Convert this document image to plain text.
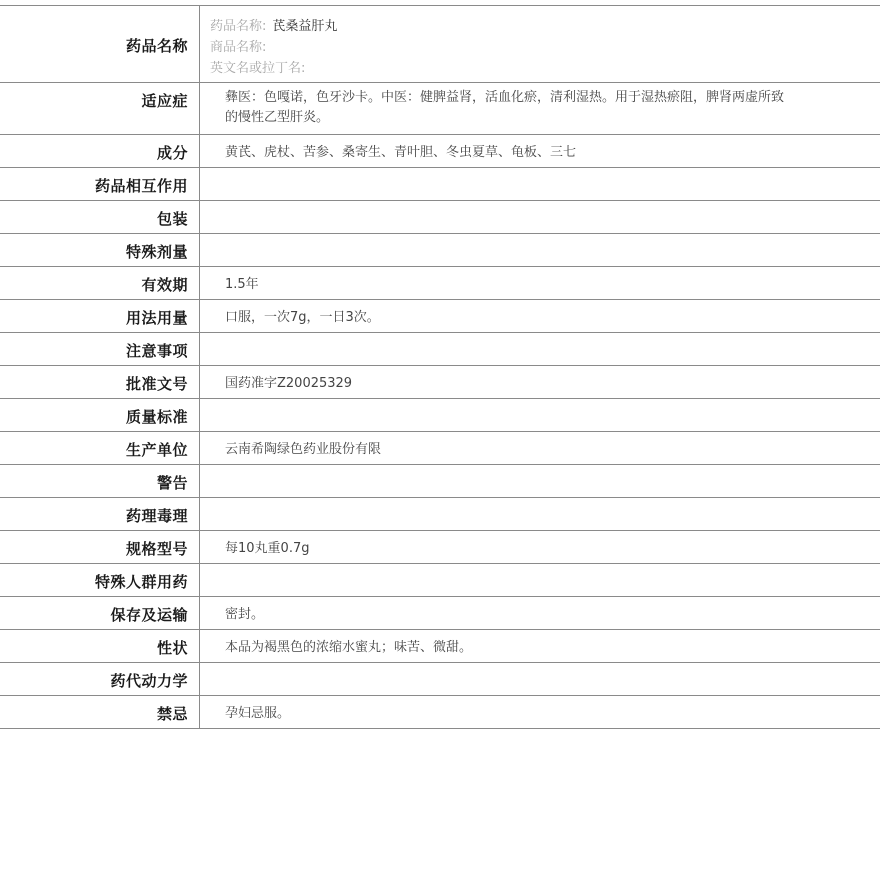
药品名称
药品名称: 芪桑益肝丸
商品名称:
英文名或拉丁名:
适应症	彝医：色嘎诺，色牙沙卡。中医：健脾益肾，活血化瘀，清利湿热。用于湿热瘀阻，脾肾两虚所致的慢性乙型肝炎。
成分	黄芪、虎杖、苦参、桑寄生、青叶胆、冬虫夏草、龟板、三七
药品相互作用
包装
特殊剂量
有效期	1.5年
用法用量	口服，一次7g，一日3次。
注意事项
批准文号	国药准字Z20025329
质量标准
生产单位	云南希陶绿色药业股份有限
警告
药理毒理
规格型号	每10丸重0.7g
特殊人群用药
保存及运输	密封。
性状	本品为褐黑色的浓缩水蜜丸；味苦、微甜。
药代动力学
禁忌	孕妇忌服。
